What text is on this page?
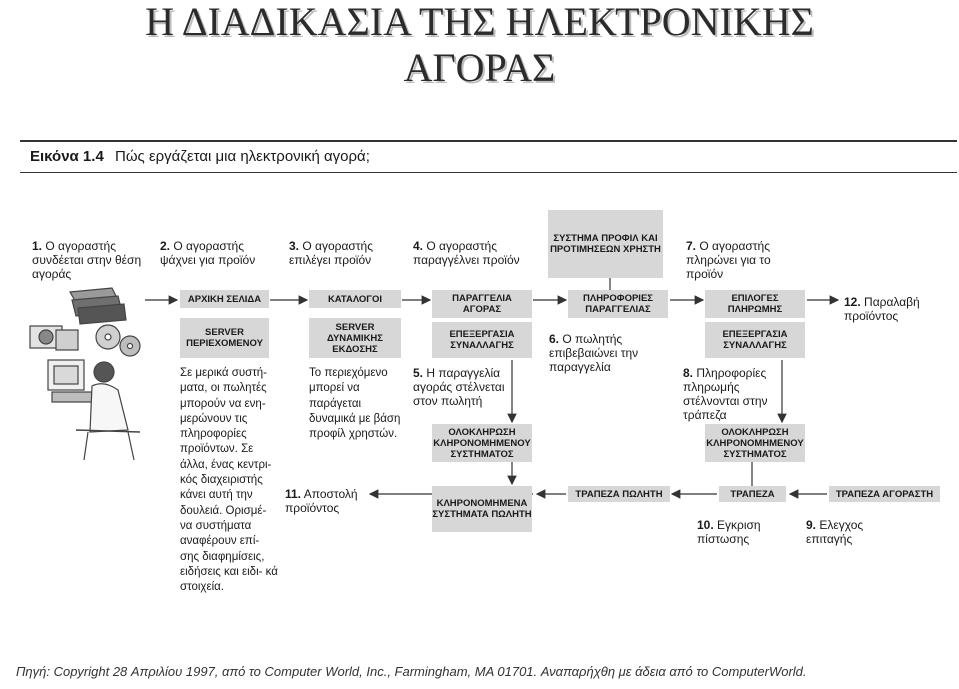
Η ΔΙΑΔΙΚΑΣΙΑ ΤΗΣ ΗΛΕΚΤΡΟΝΙΚΗΣ
ΑΓΟΡΑΣ
Εικόνα 1.4 Πώς εργάζεται μια ηλεκτρονική αγορά;
1. Ο αγοραστής συνδέεται στην θέση αγοράς
2. Ο αγοραστής ψάχνει για προϊόν
3. Ο αγοραστής επιλέγει προϊόν
4. Ο αγοραστής παραγγέλνει προϊόν
5. Η παραγγελία αγοράς στέλνεται στον πωλητή
6. Ο πωλητής επιβεβαιώνει την παραγγελία
7. Ο αγοραστής πληρώνει για το προϊόν
8. Πληροφορίες πληρωμής στέλνονται στην τράπεζα
9. Ελεγχος επιταγής
10. Εγκριση πίστωσης
11. Αποστολή προϊόντος
12. Παραλαβή προϊόντος
ΑΡΧΙΚΗ ΣΕΛΙΔΑ
SERVER ΠΕΡΙΕΧΟΜΕΝΟΥ
ΚΑΤΑΛΟΓΟΙ
SERVER ΔΥΝΑΜΙΚΗΣ ΕΚΔΟΣΗΣ
ΠΑΡΑΓΓΕΛΙΑ ΑΓΟΡΑΣ
ΕΠΕΞΕΡΓΑΣΙΑ ΣΥΝΑΛΛΑΓΗΣ
ΣΥΣΤΗΜΑ ΠΡΟΦΙΛ ΚΑΙ ΠΡΟΤΙΜΗΣΕΩΝ ΧΡΗΣΤΗ
ΠΛΗΡΟΦΟΡΙΕΣ ΠΑΡΑΓΓΕΛΙΑΣ
ΕΠΙΛΟΓΕΣ ΠΛΗΡΩΜΗΣ
ΕΠΕΞΕΡΓΑΣΙΑ ΣΥΝΑΛΛΑΓΗΣ
ΟΛΟΚΛΗΡΩΣΗ ΚΛΗΡΟΝΟΜΗΜΕΝΟΥ ΣΥΣΤΗΜΑΤΟΣ
ΚΛΗΡΟΝΟΜΗΜΕΝΑ ΣΥΣΤΗΜΑΤΑ ΠΩΛΗΤΗ
ΤΡΑΠΕΖΑ ΠΩΛΗΤΗ	ΤΡΑΠΕΖΑ
ΟΛΟΚΛΗΡΩΣΗ ΚΛΗΡΟΝΟΜΗΜΕΝΟΥ ΣΥΣΤΗΜΑΤΟΣ
ΤΡΑΠΕΖΑ ΑΓΟΡΑΣΤΗ
Σε μερικά συστή- ματα, οι πωλητές μπορούν να ενη- μερώνουν τις πληροφορίες προϊόντων. Σε άλλα, ένας κεντρι- κός διαχειριστής κάνει αυτή την δουλειά. Ορισμέ- να συστήματα αναφέρουν επί- σης διαφημίσεις, ειδήσεις και ειδι- κά στοιχεία.
Το περιεχόμενο μπορεί να παράγεται δυναμικά με βάση προφίλ χρηστών.
Πηγή: Copyright 28 Απριλίου 1997, από το Computer World, Inc., Farmingham, MA 01701. Αναπαρήχθη με άδεια από το ComputerWorld.
